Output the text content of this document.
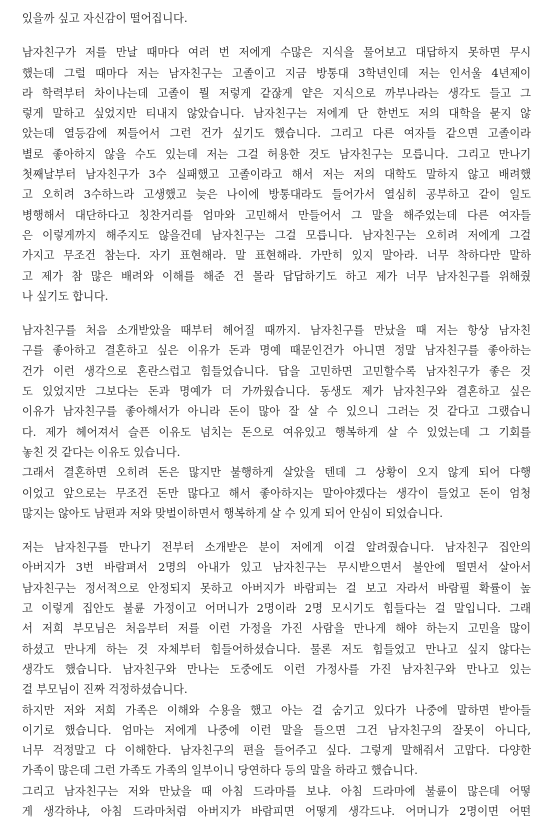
있을까 싶고 자신감이 떨어집니다.
남자친구가 저를 만날 때마다 여러 번 저에게 수많은 지식을 물어보고 대답하지 못하면 무시
했는데 그럴 때마다 저는 남자친구는 고졸이고 지금 방통대 3학년인데 저는 인서울 4년제이
라 학력부터 차이나는데 고졸이 뭘 저렇게 같잖게 얕은 지식으로 까부나라는 생각도 들고 그
렇게 말하고 싶었지만 티내지 않았습니다. 남자친구는 저에게 단 한번도 저의 대학을 묻지 않
았는데 열등감에 찌들어서 그런 건가 싶기도 했습니다. 그리고 다른 여자들 같으면 고졸이라
별로 좋아하지 않을 수도 있는데 저는 그걸 허용한 것도 남자친구는 모릅니다. 그리고 만나기
첫째날부터 남자친구가 3수 실패했고 고졸이라고 해서 저는 저의 대학도 말하지 않고 배려했
고 오히려 3수하느라 고생했고 늦은 나이에 방통대라도 들어가서 열심히 공부하고 같이 일도
병행해서 대단하다고 칭찬거리를 엄마와 고민해서 만들어서 그 말을 해주었는데 다른 여자들
은 이렇게까지 해주지도 않을건데 남자친구는 그걸 모릅니다. 남자친구는 오히려 저에게 그걸
가지고 무조건 참는다. 자기 표현해라. 말 표현해라. 가만히 있지 말아라. 너무 착하다만 말하
고 제가 참 많은 배려와 이해를 해준 건 몰라 답답하기도 하고 제가 너무 남자친구를 위해줬
나 싶기도 합니다.
남자친구를 처음 소개받았을 때부터 헤어질 때까지. 남자친구를 만났을 때 저는 항상 남자친
구를 좋아하고 결혼하고 싶은 이유가 돈과 명예 때문인건가 아니면 정말 남자친구를 좋아하는
건가 이런 생각으로 혼란스럽고 힘들었습니다. 답을 고민하면 고민할수록 남자친구가 좋은 것
도 있었지만 그보다는 돈과 명예가 더 가까웠습니다. 동생도 제가 남자친구와 결혼하고 싶은
이유가 남자친구를 좋아해서가 아니라 돈이 많아 잘 살 수 있으니 그러는 것 같다고 그랬습니
다. 제가 헤어져서 슬픈 이유도 넘치는 돈으로 여유있고 행복하게 살 수 있었는데 그 기회를
놓친 것 같다는 이유도 있습니다.
그래서 결혼하면 오히려 돈은 많지만 불행하게 살았을 텐데 그 상황이 오지 않게 되어 다행
이었고 앞으로는 무조건 돈만 많다고 해서 좋아하지는 말아야겠다는 생각이 들었고 돈이 엄청
많지는 않아도 남편과 저와 맞벌이하면서 행복하게 살 수 있게 되어 안심이 되었습니다.
저는 남자친구를 만나기 전부터 소개받은 분이 저에게 이걸 알려줬습니다. 남자친구 집안의
아버지가 3번 바람펴서 2명의 아내가 있고 남자친구는 무시받으면서 불안에 떨면서 살아서
남자친구는 정서적으로 안정되지 못하고 아버지가 바람피는 걸 보고 자라서 바람필 확률이 높
고 이렇게 집안도 불륜 가정이고 어머니가 2명이라 2명 모시기도 힘들다는 걸 말입니다. 그래
서 저희 부모님은 처음부터 저를 이런 가정을 가진 사람을 만나게 해야 하는지 고민을 많이
하셨고 만나게 하는 것 자체부터 힘들어하셨습니다. 물론 저도 힘들었고 만나고 싶지 않다는
생각도 했습니다. 남자친구와 만나는 도중에도 이런 가정사를 가진 남자친구와 만나고 있는
걸 부모님이 진짜 걱정하셨습니다.
하지만 저와 저희 가족은 이해와 수용을 했고 아는 걸 숨기고 있다가 나중에 말하면 받아들
이기로 했습니다. 엄마는 저에게 나중에 이런 말을 들으면 그건 남자친구의 잘못이 아니다,
너무 걱정말고 다 이해한다. 남자친구의 편을 들어주고 싶다. 그렇게 말해줘서 고맙다. 다양한
가족이 많은데 그런 가족도 가족의 일부이니 당연하다 등의 말을 하라고 했습니다.
그리고 남자친구는 저와 만났을 때 아침 드라마를 보냐. 아침 드라마에 불륜이 많은데 어떻
게 생각하냐, 아침 드라마처럼 아버지가 바람피면 어떻게 생각드냐. 어머니가 2명이면 어떤
